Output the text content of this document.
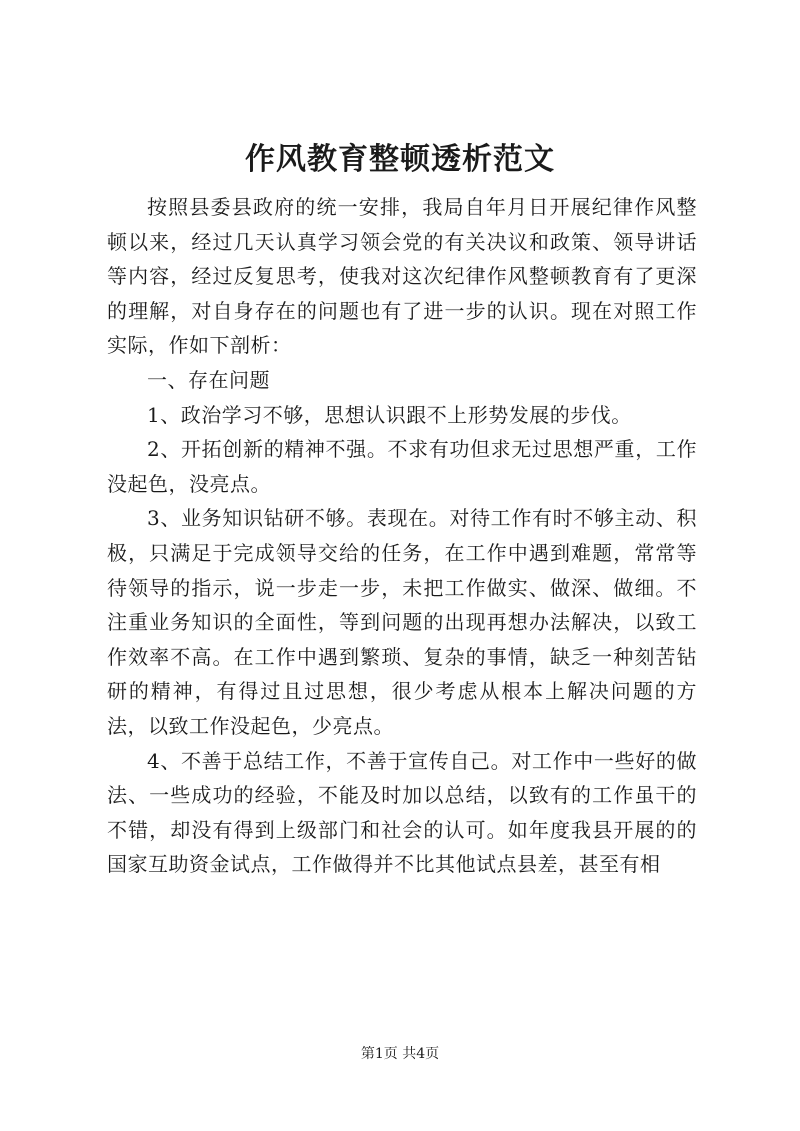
作风教育整顿透析范文

按照县委县政府的统一安排，我局自年月日开展纪律作风整顿以来，经过几天认真学习领会党的有关决议和政策、领导讲话等内容，经过反复思考，使我对这次纪律作风整顿教育有了更深的理解，对自身存在的问题也有了进一步的认识。现在对照工作实际，作如下剖析：

一、存在问题

1、政治学习不够，思想认识跟不上形势发展的步伐。

2、开拓创新的精神不强。不求有功但求无过思想严重，工作没起色，没亮点。

3、业务知识钻研不够。表现在。对待工作有时不够主动、积极，只满足于完成领导交给的任务，在工作中遇到难题，常常等待领导的指示，说一步走一步，未把工作做实、做深、做细。不注重业务知识的全面性，等到问题的出现再想办法解决，以致工作效率不高。在工作中遇到繁琐、复杂的事情，缺乏一种刻苦钻研的精神，有得过且过思想，很少考虑从根本上解决问题的方法，以致工作没起色，少亮点。

4、不善于总结工作，不善于宣传自己。对工作中一些好的做法、一些成功的经验，不能及时加以总结，以致有的工作虽干的不错，却没有得到上级部门和社会的认可。如年度我县开展的的国家互助资金试点，工作做得并不比其他试点县差，甚至有相

第1页 共4页
